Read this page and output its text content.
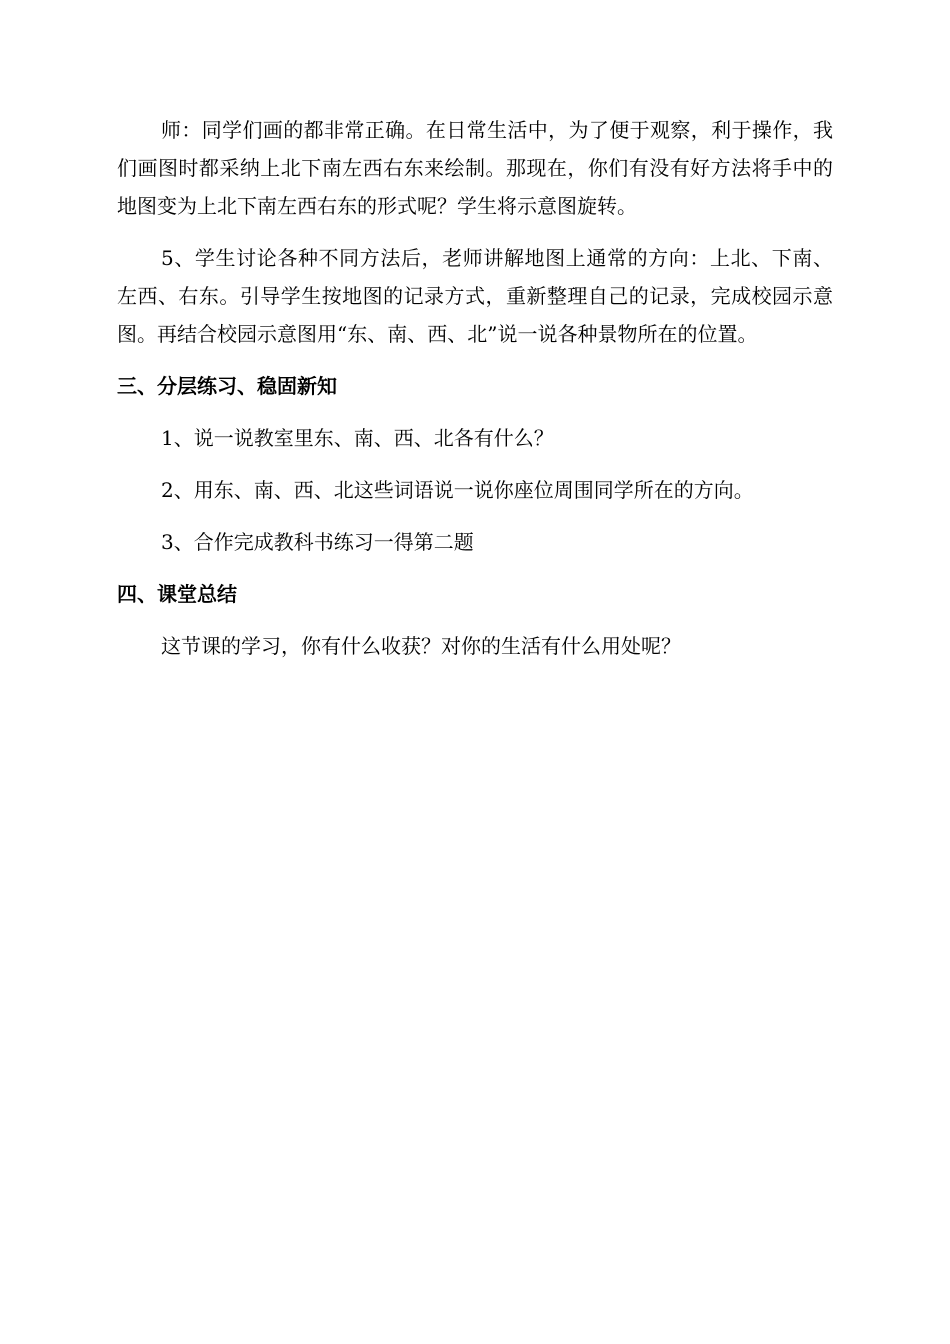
师：同学们画的都非常正确。在日常生活中，为了便于观察，利于操作，我们画图时都采纳上北下南左西右东来绘制。那现在，你们有没有好方法将手中的地图变为上北下南左西右东的形式呢？学生将示意图旋转。

5、学生讨论各种不同方法后，老师讲解地图上通常的方向：上北、下南、左西、右东。引导学生按地图的记录方式，重新整理自己的记录，完成校园示意图。再结合校园示意图用“东、南、西、北”说一说各种景物所在的位置。

三、分层练习、稳固新知

1、说一说教室里东、南、西、北各有什么？

2、用东、南、西、北这些词语说一说你座位周围同学所在的方向。

3、合作完成教科书练习一得第二题

四、课堂总结

这节课的学习，你有什么收获？对你的生活有什么用处呢？
